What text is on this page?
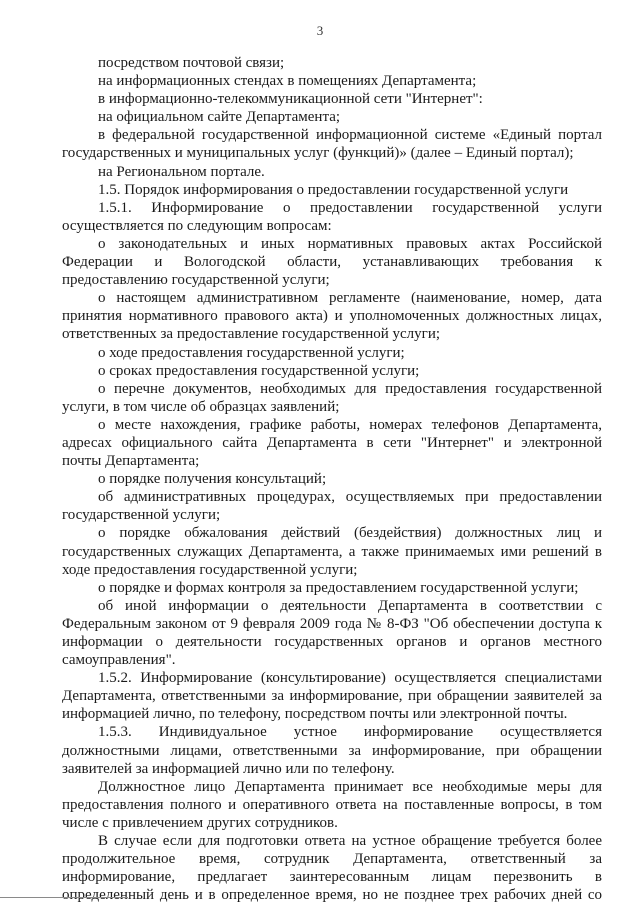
3
посредством почтовой связи;
на информационных стендах в помещениях Департамента;
в информационно-телекоммуникационной сети "Интернет":
на официальном сайте Департамента;
в федеральной государственной информационной системе «Единый портал
государственных и муниципальных услуг (функций)» (далее – Единый портал);
на Региональном портале.
1.5. Порядок информирования о предоставлении государственной услуги
1.5.1. Информирование о предоставлении государственной услуги
осуществляется по следующим вопросам:
о законодательных и иных нормативных правовых актах Российской
Федерации и Вологодской области, устанавливающих требования к
предоставлению государственной услуги;
о настоящем административном регламенте (наименование, номер, дата
принятия нормативного правового акта) и уполномоченных должностных лицах,
ответственных за предоставление государственной услуги;
о ходе предоставления государственной услуги;
о сроках предоставления государственной услуги;
о перечне документов, необходимых для предоставления государственной
услуги, в том числе об образцах заявлений;
о месте нахождения, графике работы, номерах телефонов Департамента,
адресах официального сайта Департамента в сети "Интернет" и электронной
почты Департамента;
о порядке получения консультаций;
об административных процедурах, осуществляемых при предоставлении
государственной услуги;
о порядке обжалования действий (бездействия) должностных лиц и
государственных служащих Департамента, а также принимаемых ими решений в
ходе предоставления государственной услуги;
о порядке и формах контроля за предоставлением государственной услуги;
об иной информации о деятельности Департамента в соответствии с
Федеральным законом от 9 февраля 2009 года № 8-ФЗ "Об обеспечении доступа к
информации о деятельности государственных органов и органов местного
самоуправления".
1.5.2. Информирование (консультирование) осуществляется специалистами
Департамента, ответственными за информирование, при обращении заявителей за
информацией лично, по телефону, посредством почты или электронной почты.
1.5.3. Индивидуальное устное информирование осуществляется
должностными лицами, ответственными за информирование, при обращении
заявителей за информацией лично или по телефону.
Должностное лицо Департамента принимает все необходимые меры для
предоставления полного и оперативного ответа на поставленные вопросы, в том
числе с привлечением других сотрудников.
В случае если для подготовки ответа на устное обращение требуется более
продолжительное время, сотрудник Департамента, ответственный за
информирование, предлагает заинтересованным лицам перезвонить в
определенный день и в определенное время, но не позднее трех рабочих дней со
